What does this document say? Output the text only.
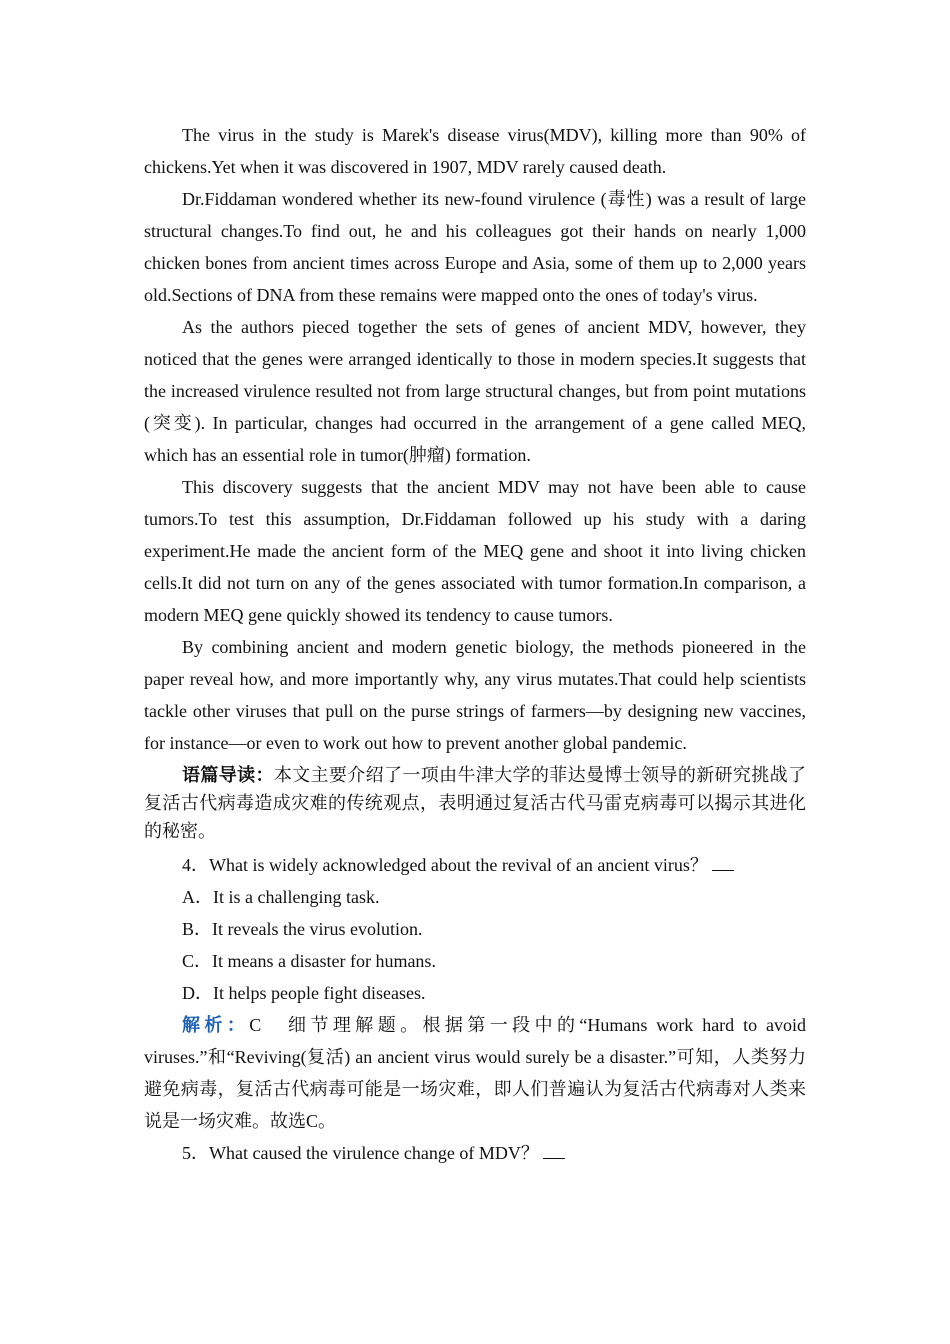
The virus in the study is Marek's disease virus(MDV), killing more than 90% of chickens.Yet when it was discovered in 1907, MDV rarely caused death.

Dr.Fiddaman wondered whether its new-found virulence (毒性) was a result of large structural changes.To find out, he and his colleagues got their hands on nearly 1,000 chicken bones from ancient times across Europe and Asia, some of them up to 2,000 years old.Sections of DNA from these remains were mapped onto the ones of today's virus.

As the authors pieced together the sets of genes of ancient MDV, however, they noticed that the genes were arranged identically to those in modern species.It suggests that the increased virulence resulted not from large structural changes, but from point mutations (突变). In particular, changes had occurred in the arrangement of a gene called MEQ, which has an essential role in tumor(肿瘤) formation.

This discovery suggests that the ancient MDV may not have been able to cause tumors.To test this assumption, Dr.Fiddaman followed up his study with a daring experiment.He made the ancient form of the MEQ gene and shoot it into living chicken cells.It did not turn on any of the genes associated with tumor formation.In comparison, a modern MEQ gene quickly showed its tendency to cause tumors.

By combining ancient and modern genetic biology, the methods pioneered in the paper reveal how, and more importantly why, any virus mutates.That could help scientists tackle other viruses that pull on the purse strings of farmers—by designing new vaccines, for instance—or even to work out how to prevent another global pandemic.

语篇导读：本文主要介绍了一项由牛津大学的菲达曼博士领导的新研究挑战了复活古代病毒造成灾难的传统观点，表明通过复活古代马雷克病毒可以揭示其进化的秘密。

4．What is widely acknowledged about the revival of an ancient virus？

A．It is a challenging task.

B．It reveals the virus evolution.

C．It means a disaster for humans.

D．It helps people fight diseases.

解析：C　细节理解题。根据第一段中的“Humans work hard to avoid viruses.”和“Reviving(复活) an ancient virus would surely be a disaster.”可知，人类努力避免病毒，复活古代病毒可能是一场灾难，即人们普遍认为复活古代病毒对人类来说是一场灾难。故选C。

5．What caused the virulence change of MDV？
